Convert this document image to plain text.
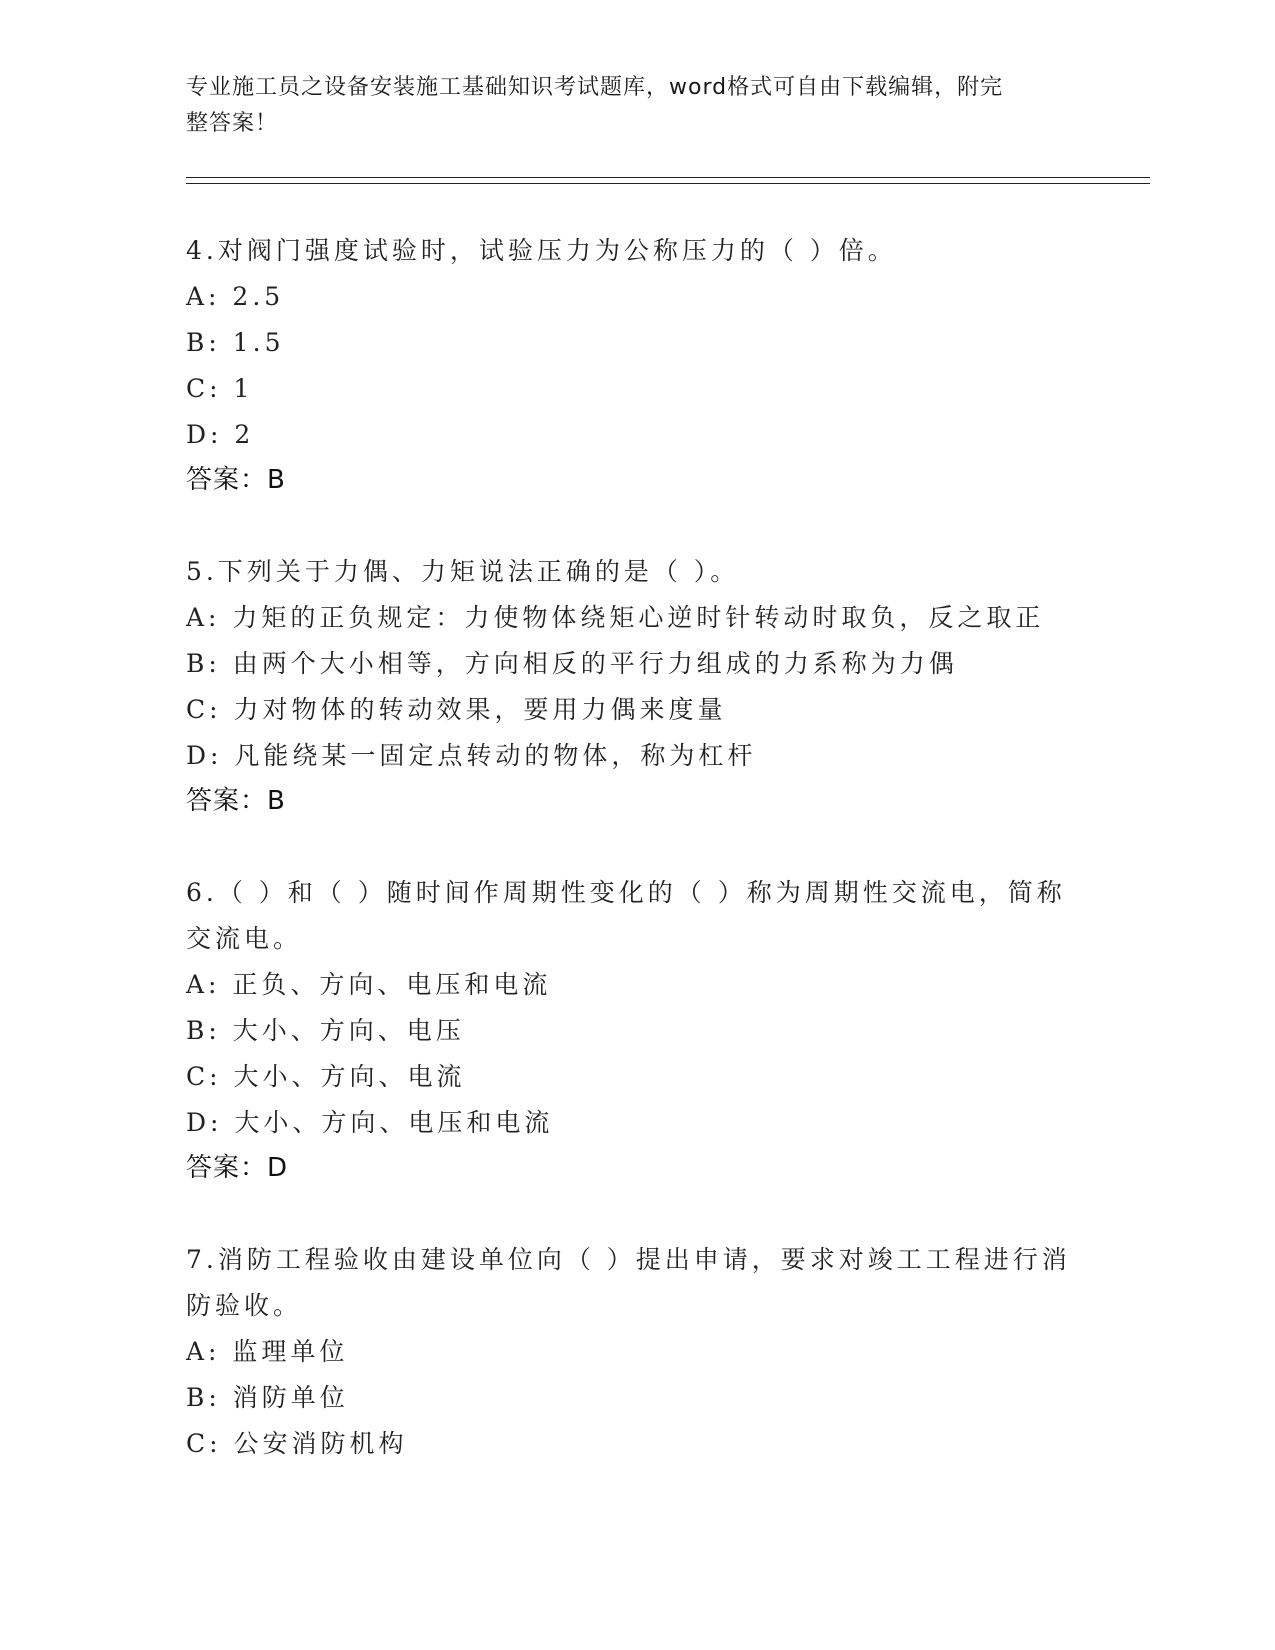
专业施工员之设备安装施工基础知识考试题库，word格式可自由下载编辑，附完
整答案！
4.对阀门强度试验时，试验压力为公称压力的（ ）倍。
A: 2.5
B: 1.5
C: 1
D: 2
答案：B
5.下列关于力偶、力矩说法正确的是（ ）。
A: 力矩的正负规定：力使物体绕矩心逆时针转动时取负，反之取正
B: 由两个大小相等，方向相反的平行力组成的力系称为力偶
C: 力对物体的转动效果，要用力偶来度量
D: 凡能绕某一固定点转动的物体，称为杠杆
答案：B
6.（ ）和（ ）随时间作周期性变化的（ ）称为周期性交流电，简称交流电。
A: 正负、方向、电压和电流
B: 大小、方向、电压
C: 大小、方向、电流
D: 大小、方向、电压和电流
答案：D
7.消防工程验收由建设单位向（ ）提出申请，要求对竣工工程进行消防验收。
A: 监理单位
B: 消防单位
C: 公安消防机构
